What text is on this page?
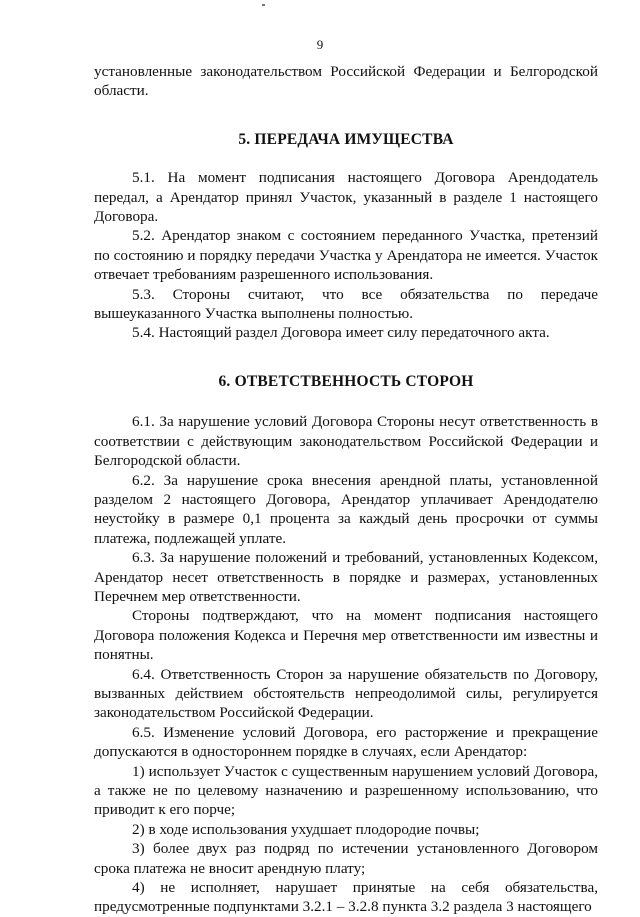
9

установленные законодательством Российской Федерации и Белгородской области.

5. ПЕРЕДАЧА ИМУЩЕСТВА

5.1. На момент подписания настоящего Договора Арендодатель передал, а Арендатор принял Участок, указанный в разделе 1 настоящего Договора.

5.2. Арендатор знаком с состоянием переданного Участка, претензий по состоянию и порядку передачи Участка у Арендатора не имеется. Участок отвечает требованиям разрешенного использования.

5.3. Стороны считают, что все обязательства по передаче вышеуказанного Участка выполнены полностью.

5.4. Настоящий раздел Договора имеет силу передаточного акта.

6. ОТВЕТСТВЕННОСТЬ СТОРОН

6.1. За нарушение условий Договора Стороны несут ответственность в соответствии с действующим законодательством Российской Федерации и Белгородской области.

6.2. За нарушение срока внесения арендной платы, установленной разделом 2 настоящего Договора, Арендатор уплачивает Арендодателю неустойку в размере 0,1 процента за каждый день просрочки от суммы платежа, подлежащей уплате.

6.3. За нарушение положений и требований, установленных Кодексом, Арендатор несет ответственность в порядке и размерах, установленных Перечнем мер ответственности.

Стороны подтверждают, что на момент подписания настоящего Договора положения Кодекса и Перечня мер ответственности им известны и понятны.

6.4. Ответственность Сторон за нарушение обязательств по Договору, вызванных действием обстоятельств непреодолимой силы, регулируется законодательством Российской Федерации.

6.5. Изменение условий Договора, его расторжение и прекращение допускаются в одностороннем порядке в случаях, если Арендатор:

1) использует Участок с существенным нарушением условий Договора, а также не по целевому назначению и разрешенному использованию, что приводит к его порче;

2) в ходе использования ухудшает плодородие почвы;

3) более двух раз подряд по истечении установленного Договором срока платежа не вносит арендную плату;

4) не исполняет, нарушает принятые на себя обязательства, предусмотренные подпунктами 3.2.1 – 3.2.8 пункта 3.2 раздела 3 настоящего
